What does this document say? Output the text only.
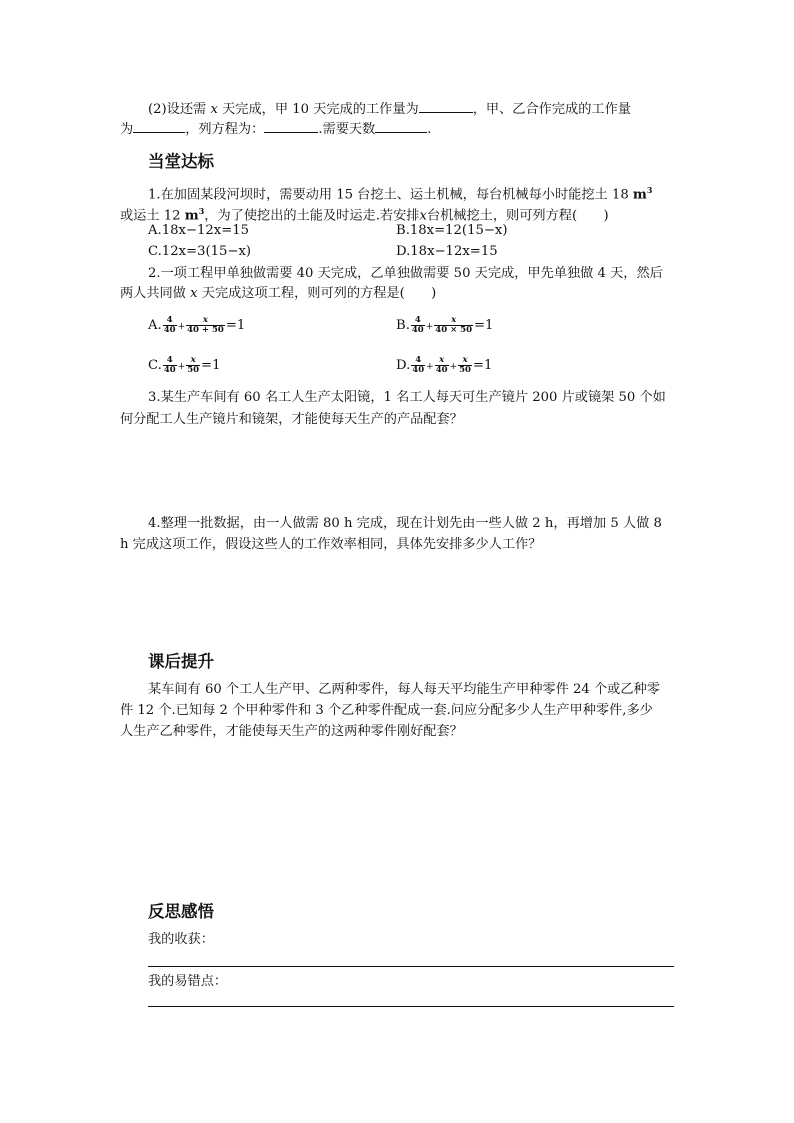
(2)设还需 x 天完成，甲 10 天完成的工作量为	，甲、乙合作完成的工作量
为	，列方程为：	.需要天数	.
当堂达标
1.在加固某段河坝时，需要动用 15 台挖土、运土机械，每台机械每小时能挖土 18 $m^3$
或运土 12 $m^3$，为了使挖出的土能及时运走.若安排x台机械挖土，则可列方程(　　)
A.18x−12x=15	B.18x=12(15−x)
C.12x=3(15−x)	D.18x−12x=15
2.一项工程甲单独做需要 40 天完成，乙单独做需要 50 天完成，甲先单独做 4 天，然后
两人共同做 x 天完成这项工程，则可列的方程是(　　)
A. $\frac{4}{40} + \frac{x}{40 + 50} =1$	B. $\frac{4}{40} + \frac{x}{40 \times 50} =1$
C. $\frac{4}{40} + \frac{x}{50} =1$	D. $\frac{4}{40} + \frac{x}{40} + \frac{x}{50} =1$
3.某生产车间有 60 名工人生产太阳镜，1 名工人每天可生产镜片 200 片或镜架 50 个如
何分配工人生产镜片和镜架，才能使每天生产的产品配套？
4.整理一批数据，由一人做需 80 h 完成，现在计划先由一些人做 2 h，再增加 5 人做 8
h 完成这项工作，假设这些人的工作效率相同，具体先安排多少人工作？
课后提升
某车间有 60 个工人生产甲、乙两种零件，每人每天平均能生产甲种零件 24 个或乙种零
件 12 个.已知每 2 个甲种零件和 3 个乙种零件配成一套.问应分配多少人生产甲种零件,多少
人生产乙种零件，才能使每天生产的这两种零件刚好配套？
反思感悟
我的收获：
我的易错点：
